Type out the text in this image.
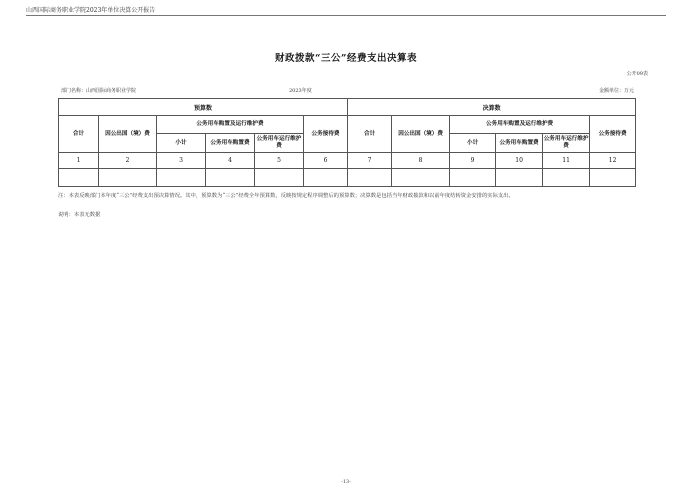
山西国际商务职业学院2023年单位决算公开报告
财政拨款“三公”经费支出决算表
公开09表
部门名称：山西国际商务职业学院	2023年度	金额单位：万元
预算数						决算数					
合计	因公出国（境）费	公务用车购置及运行维护费			公务接待费	合计	因公出国（境）费	公务用车购置及运行维护费			公务接待费
		小计	公务用车购置费	公务用车运行维护费				小计	公务用车购置费	公务用车运行维护费	
1	2	3	4	5	6	7	8	9	10	11	12

注：本表反映部门本年度“三公”经费支出预决算情况。其中，预算数为“三公”经费全年预算数，反映按规定程序调整后的预算数；决算数是包括当年财政拨款和以前年度结转资金安排的实际支出。
说明：本表无数据
-13-
